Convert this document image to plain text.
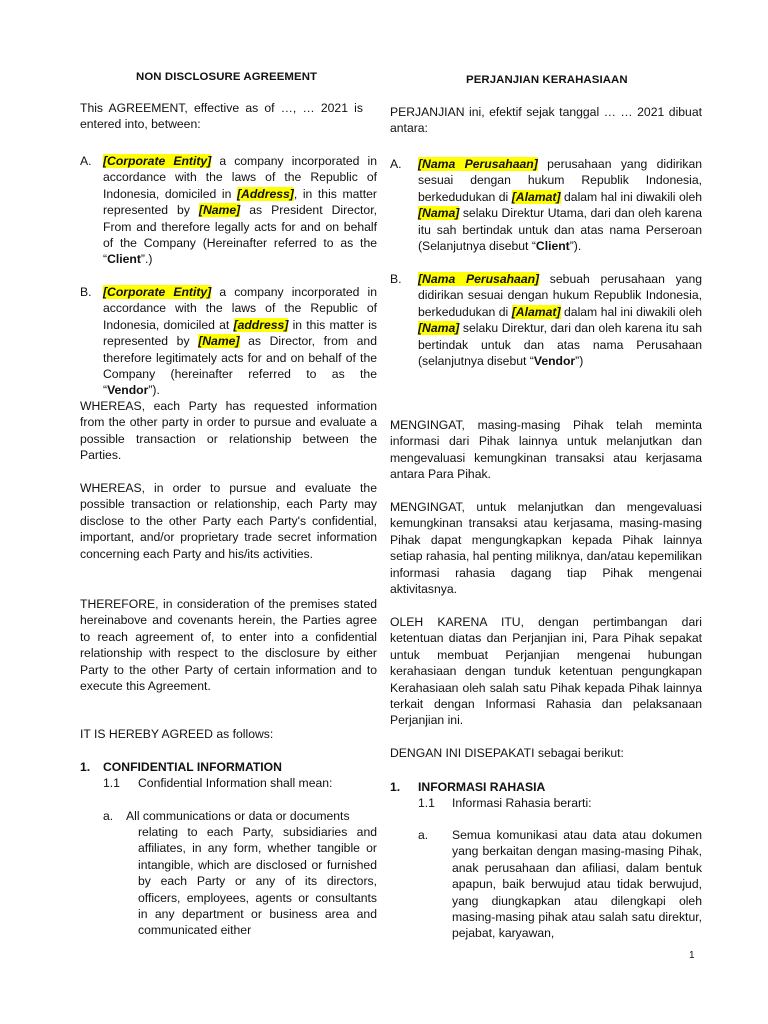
NON DISCLOSURE AGREEMENT
This AGREEMENT, effective as of …, … 2021 is entered into, between:
A. [Corporate Entity] a company incorporated in accordance with the laws of the Republic of Indonesia, domiciled in [Address], in this matter represented by [Name] as President Director, From and therefore legally acts for and on behalf of the Company (Hereinafter referred to as the “Client”.)
B. [Corporate Entity] a company incorporated in accordance with the laws of the Republic of Indonesia, domiciled at [address] in this matter is represented by [Name] as Director, from and therefore legitimately acts for and on behalf of the Company (hereinafter referred to as the “Vendor”).
WHEREAS, each Party has requested information from the other party in order to pursue and evaluate a possible transaction or relationship between the Parties.
WHEREAS, in order to pursue and evaluate the possible transaction or relationship, each Party may disclose to the other Party each Party's confidential, important, and/or proprietary trade secret information concerning each Party and his/its activities.
THEREFORE, in consideration of the premises stated hereinabove and covenants herein, the Parties agree to reach agreement of, to enter into a confidential relationship with respect to the disclosure by either Party to the other Party of certain information and to execute this Agreement.
IT IS HEREBY AGREED as follows:
1. CONFIDENTIAL INFORMATION
1.1 Confidential Information shall mean:
a. All communications or data or documents
relating to each Party, subsidiaries and affiliates, in any form, whether tangible or intangible, which are disclosed or furnished by each Party or any of its directors, officers, employees, agents or consultants in any department or business area and communicated either
PERJANJIAN KERAHASIAAN
PERJANJIAN ini, efektif sejak tanggal … … 2021 dibuat antara:
A. [Nama Perusahaan] perusahaan yang didirikan sesuai dengan hukum Republik Indonesia, berkedudukan di [Alamat] dalam hal ini diwakili oleh [Nama] selaku Direktur Utama, dari dan oleh karena itu sah bertindak untuk dan atas nama Perseroan (Selanjutnya disebut “Client”).
B. [Nama Perusahaan] sebuah perusahaan yang didirikan sesuai dengan hukum Republik Indonesia, berkedudukan di [Alamat] dalam hal ini diwakili oleh [Nama] selaku Direktur, dari dan oleh karena itu sah bertindak untuk dan atas nama Perusahaan (selanjutnya disebut “Vendor”)
MENGINGAT, masing-masing Pihak telah meminta informasi dari Pihak lainnya untuk melanjutkan dan mengevaluasi kemungkinan transaksi atau kerjasama antara Para Pihak.
MENGINGAT, untuk melanjutkan dan mengevaluasi kemungkinan transaksi atau kerjasama, masing-masing Pihak dapat mengungkapkan kepada Pihak lainnya setiap rahasia, hal penting miliknya, dan/atau kepemilikan informasi rahasia dagang tiap Pihak mengenai aktivitasnya.
OLEH KARENA ITU, dengan pertimbangan dari ketentuan diatas dan Perjanjian ini, Para Pihak sepakat untuk membuat Perjanjian mengenai hubungan kerahasiaan dengan tunduk ketentuan pengungkapan Kerahasiaan oleh salah satu Pihak kepada Pihak lainnya terkait dengan Informasi Rahasia dan pelaksanaan Perjanjian ini.
DENGAN INI DISEPAKATI sebagai berikut:
1. INFORMASI RAHASIA
1.1 Informasi Rahasia berarti:
a. Semua komunikasi atau data atau dokumen yang berkaitan dengan masing-masing Pihak, anak perusahaan dan afiliasi, dalam bentuk apapun, baik berwujud atau tidak berwujud, yang diungkapkan atau dilengkapi oleh masing-masing pihak atau salah satu direktur, pejabat, karyawan,
1
